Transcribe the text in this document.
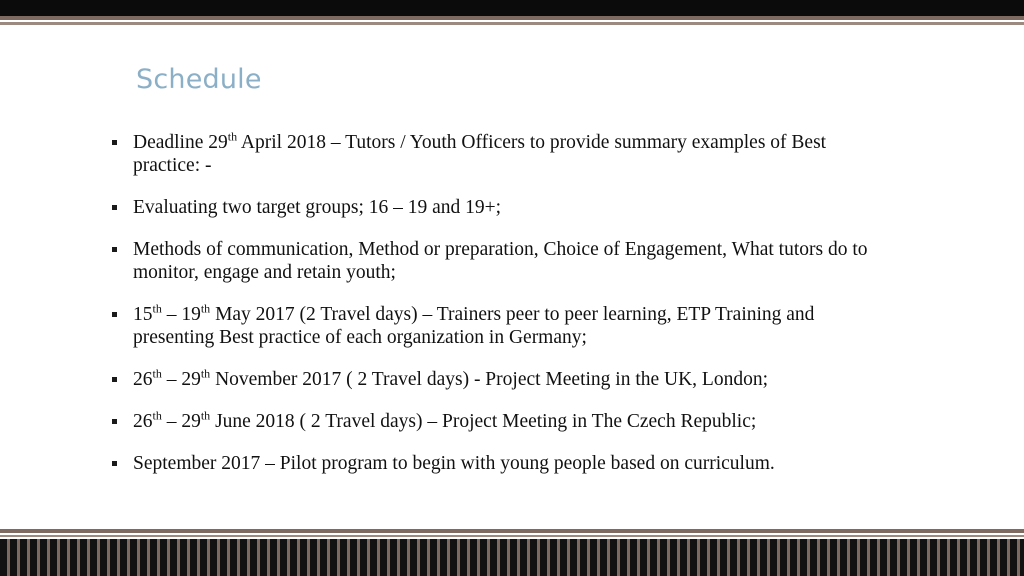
Schedule
Deadline 29th April 2018 – Tutors / Youth Officers to provide summary examples of Best practice: -
Evaluating two target groups; 16 – 19 and 19+;
Methods of communication, Method or preparation, Choice of Engagement, What tutors do to monitor, engage and retain youth;
15th – 19th May 2017 (2 Travel days) – Trainers peer to peer learning, ETP Training and presenting Best practice of each organization in Germany;
26th – 29th November 2017 ( 2 Travel days) - Project Meeting in the UK, London;
26th – 29th June 2018 ( 2 Travel days) – Project Meeting in The Czech Republic;
September 2017 – Pilot program to begin with young people based on curriculum.
